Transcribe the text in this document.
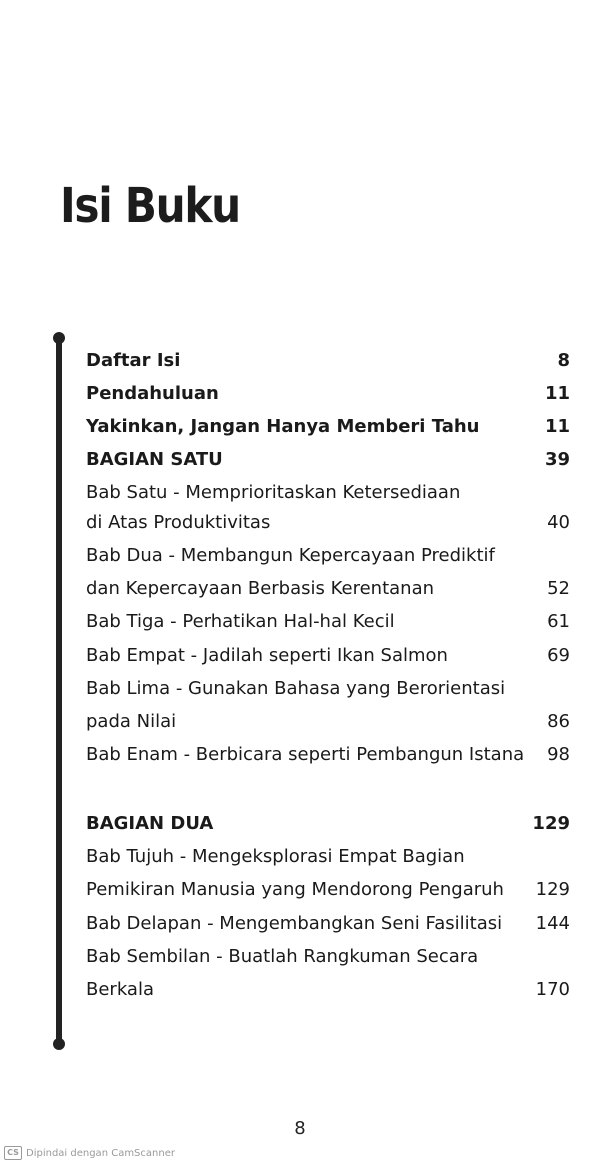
Isi Buku
Daftar Isi	8
Pendahuluan	11
Yakinkan, Jangan Hanya Memberi Tahu	11
BAGIAN SATU	39
Bab Satu - Memprioritaskan Ketersediaan
di Atas Produktivitas	40
Bab Dua - Membangun Kepercayaan Prediktif
dan Kepercayaan Berbasis Kerentanan	52
Bab Tiga - Perhatikan Hal-hal Kecil	61
Bab Empat - Jadilah seperti Ikan Salmon	69
Bab Lima - Gunakan Bahasa yang Berorientasi
pada Nilai	86
Bab Enam - Berbicara seperti Pembangun Istana 98
BAGIAN DUA	129
Bab Tujuh - Mengeksplorasi Empat Bagian
Pemikiran Manusia yang Mendorong Pengaruh 129
Bab Delapan - Mengembangkan Seni Fasilitasi 144
Bab Sembilan - Buatlah Rangkuman Secara
Berkala	170
8
CS Dipindai dengan CamScanner
